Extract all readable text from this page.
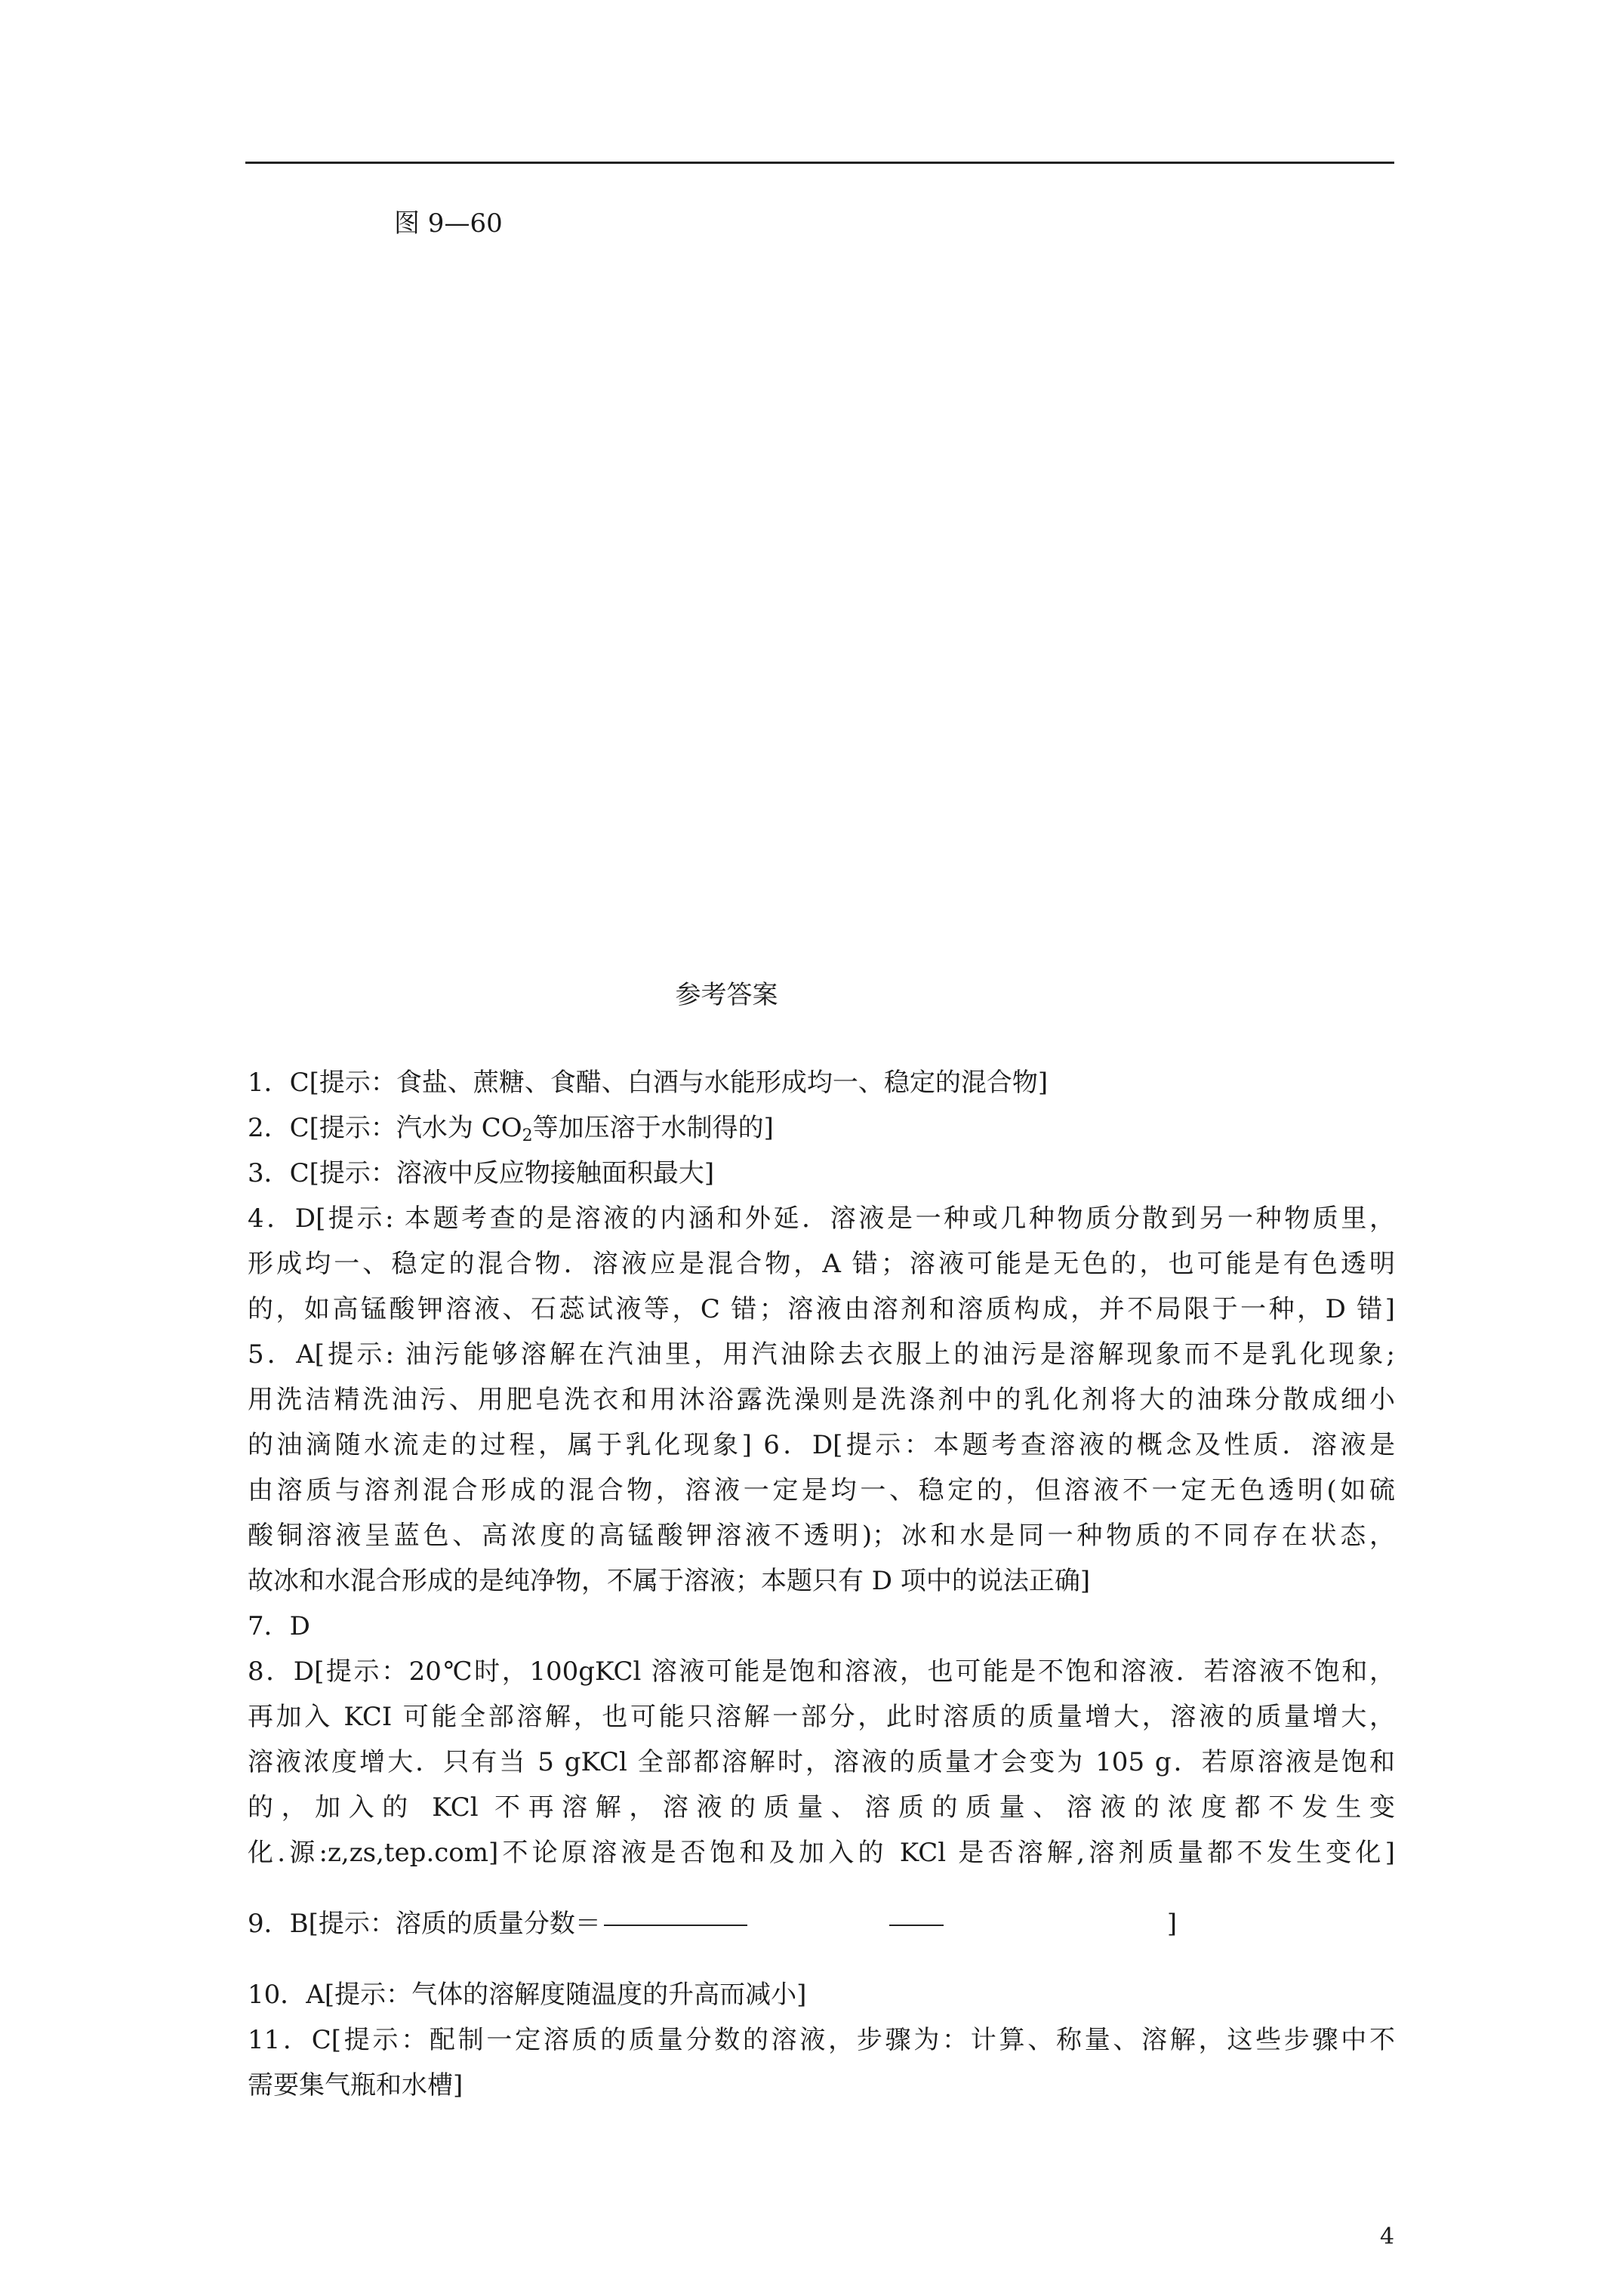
图 9—60
参考答案
1．C[提示：食盐、蔗糖、食醋、白酒与水能形成均一、稳定的混合物]
2．C[提示：汽水为 $CO_2$等加压溶于水制得的]
3．C[提示：溶液中反应物接触面积最大]
4．D[提示: 本题考查的是溶液的内涵和外延．溶液是一种或几种物质分散到另一种物质里，
形成均一、稳定的混合物．溶液应是混合物，A 错；溶液可能是无色的，也可能是有色透明
的，如高锰酸钾溶液、石蕊试液等，C 错；溶液由溶剂和溶质构成，并不局限于一种，D 错]
5．A[提示: 油污能够溶解在汽油里，用汽油除去衣服上的油污是溶解现象而不是乳化现象;
用洗洁精洗油污、用肥皂洗衣和用沐浴露洗澡则是洗涤剂中的乳化剂将大的油珠分散成细小
的油滴随水流走的过程，属于乳化现象] 6．D[提示：本题考查溶液的概念及性质．溶液是
由溶质与溶剂混合形成的混合物，溶液一定是均一、稳定的，但溶液不一定无色透明(如硫
酸铜溶液呈蓝色、高浓度的高锰酸钾溶液不透明)；冰和水是同一种物质的不同存在状态，
故冰和水混合形成的是纯净物，不属于溶液；本题只有 D 项中的说法正确]
7．D
8．D[提示：20℃时，100gKCl 溶液可能是饱和溶液，也可能是不饱和溶液．若溶液不饱和，
再加入 KCI 可能全部溶解，也可能只溶解一部分，此时溶质的质量增大，溶液的质量增大，
溶液浓度增大．只有当 5 gKCl 全部都溶解时，溶液的质量才会变为 105 g．若原溶液是饱和
的，加入的 KCl 不再溶解，溶液的质量、溶质的质量、溶液的浓度都不发生变
化.源:z,zs,tep.com]不论原溶液是否饱和及加入的 KCl 是否溶解,溶剂质量都不发生变化]
9．B[提示：溶质的质量分数＝	]
10．A[提示：气体的溶解度随温度的升高而减小]
11．C[提示：配制一定溶质的质量分数的溶液，步骤为：计算、称量、溶解，这些步骤中不
需要集气瓶和水槽]
4
